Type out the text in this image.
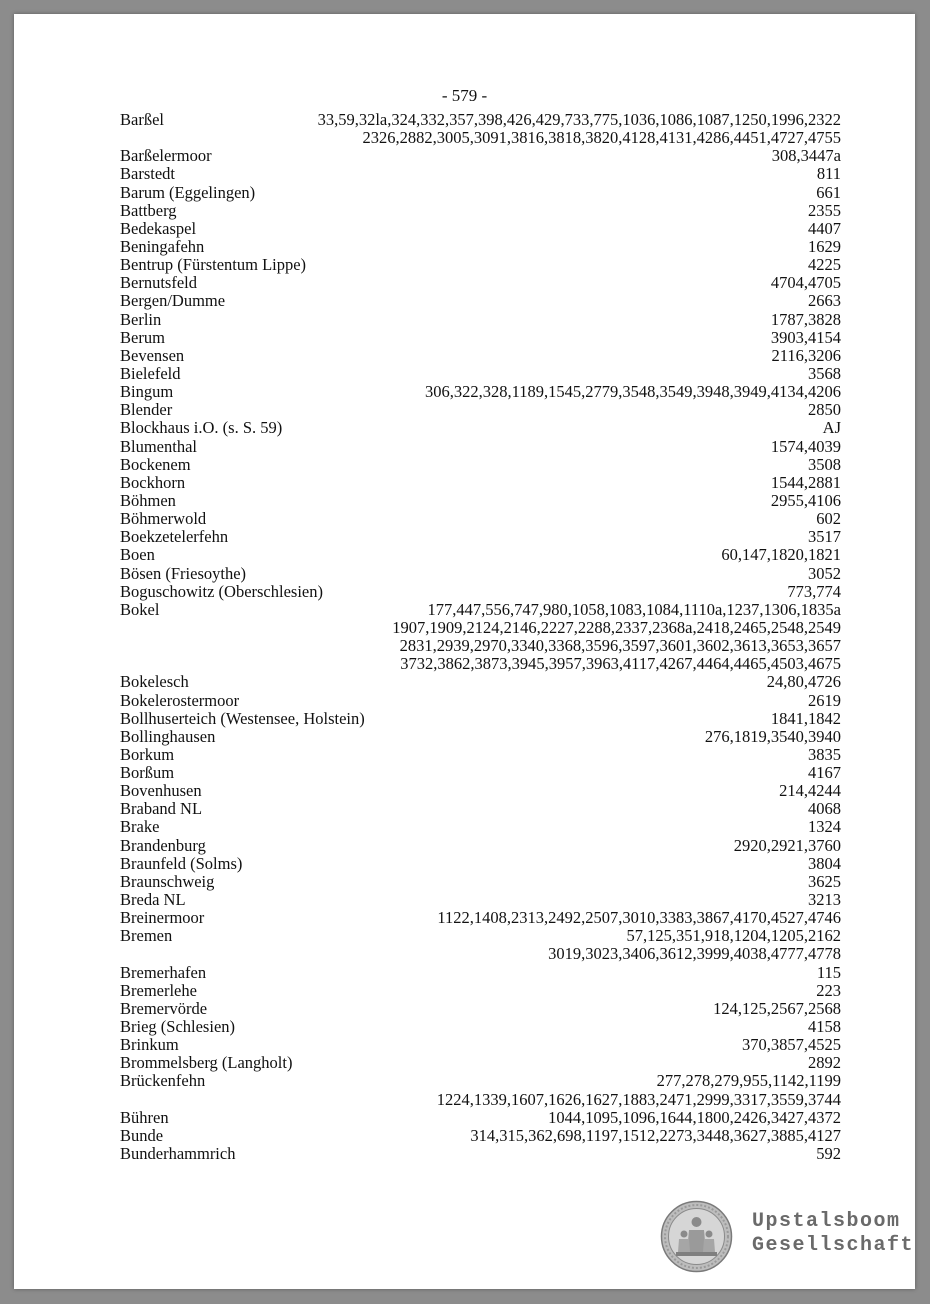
- 579 -
Barßel	33,59,32la,324,332,357,398,426,429,733,775,1036,1086,1087,1250,1996,2322
2326,2882,3005,3091,3816,3818,3820,4128,4131,4286,4451,4727,4755
Barßelermoor	308,3447a
Barstedt	811
Barum (Eggelingen)	661
Battberg	2355
Bedekaspel	4407
Beningafehn	1629
Bentrup (Fürstentum Lippe)	4225
Bernutsfeld	4704,4705
Bergen/Dumme	2663
Berlin	1787,3828
Berum	3903,4154
Bevensen	2116,3206
Bielefeld	3568
Bingum	306,322,328,1189,1545,2779,3548,3549,3948,3949,4134,4206
Blender	2850
Blockhaus i.O. (s. S. 59)	AJ
Blumenthal	1574,4039
Bockenem	3508
Bockhorn	1544,2881
Böhmen	2955,4106
Böhmerwold	602
Boekzetelerfehn	3517
Boen	60,147,1820,1821
Bösen (Friesoythe)	3052
Boguschowitz (Oberschlesien)	773,774
Bokel	177,447,556,747,980,1058,1083,1084,1110a,1237,1306,1835a
1907,1909,2124,2146,2227,2288,2337,2368a,2418,2465,2548,2549
2831,2939,2970,3340,3368,3596,3597,3601,3602,3613,3653,3657
3732,3862,3873,3945,3957,3963,4117,4267,4464,4465,4503,4675
Bokelesch	24,80,4726
Bokelerostermoor	2619
Bollhuserteich (Westensee, Holstein)	1841,1842
Bollinghausen	276,1819,3540,3940
Borkum	3835
Borßum	4167
Bovenhusen	214,4244
Braband NL	4068
Brake	1324
Brandenburg	2920,2921,3760
Braunfeld (Solms)	3804
Braunschweig	3625
Breda NL	3213
Breinermoor	1122,1408,2313,2492,2507,3010,3383,3867,4170,4527,4746
Bremen	57,125,351,918,1204,1205,2162
3019,3023,3406,3612,3999,4038,4777,4778
Bremerhafen	115
Bremerlehe	223
Bremervörde	124,125,2567,2568
Brieg (Schlesien)	4158
Brinkum	370,3857,4525
Brommelsberg (Langholt)	2892
Brückenfehn	277,278,279,955,1142,1199
1224,1339,1607,1626,1627,1883,2471,2999,3317,3559,3744
Bühren	1044,1095,1096,1644,1800,2426,3427,4372
Bunde	314,315,362,698,1197,1512,2273,3448,3627,3885,4127
Bunderhammrich	592
Upstalsboom
Gesellschaft
